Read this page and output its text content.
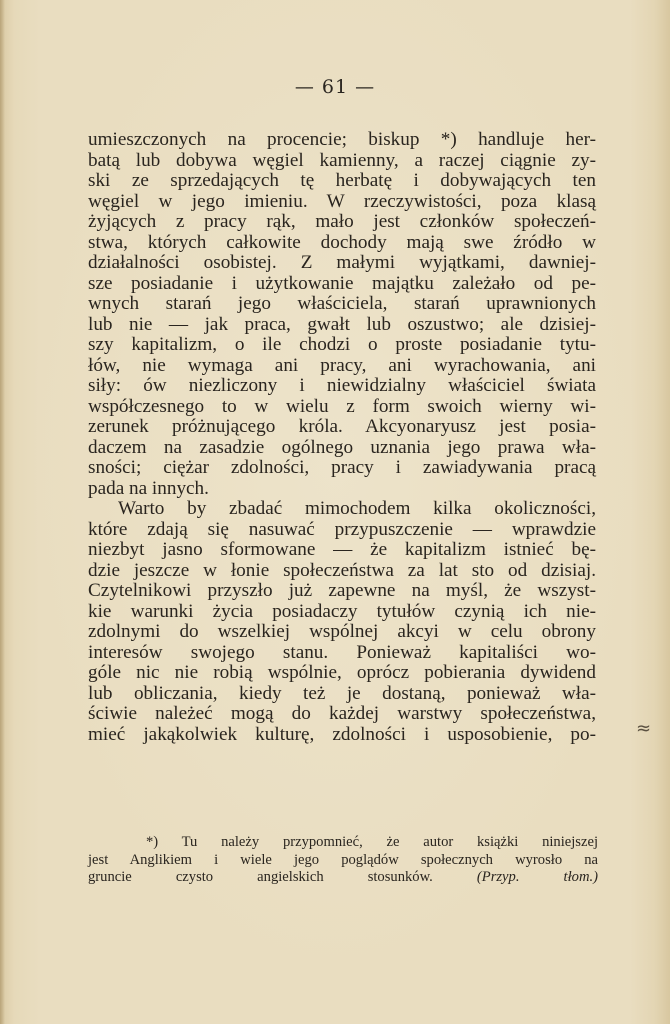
— 61 —
umieszczonych na procencie; biskup *) handluje her-
batą lub dobywa węgiel kamienny, a raczej ciągnie zy-
ski ze sprzedających tę herbatę i dobywających ten
węgiel w jego imieniu. W rzeczywistości, poza klasą
żyjących z pracy rąk, mało jest członków społeczeń-
stwa, których całkowite dochody mają swe źródło w
działalności osobistej. Z małymi wyjątkami, dawniej-
sze posiadanie i użytkowanie majątku zależało od pe-
wnych starań jego właściciela, starań uprawnionych
lub nie — jak praca, gwałt lub oszustwo; ale dzisiej-
szy kapitalizm, o ile chodzi o proste posiadanie tytu-
łów, nie wymaga ani pracy, ani wyrachowania, ani
siły: ów niezliczony i niewidzialny właściciel świata
współczesnego to w wielu z form swoich wierny wi-
zerunek próżnującego króla. Akcyonaryusz jest posia-
daczem na zasadzie ogólnego uznania jego prawa wła-
sności; ciężar zdolności, pracy i zawiadywania pracą
pada na innych.
Warto by zbadać mimochodem kilka okoliczności,
które zdają się nasuwać przypuszczenie — wprawdzie
niezbyt jasno sformowane — że kapitalizm istnieć bę-
dzie jeszcze w łonie społeczeństwa za lat sto od dzisiaj.
Czytelnikowi przyszło już zapewne na myśl, że wszyst-
kie warunki życia posiadaczy tytułów czynią ich nie-
zdolnymi do wszelkiej wspólnej akcyi w celu obrony
interesów swojego stanu. Ponieważ kapitaliści wo-
góle nic nie robią wspólnie, oprócz pobierania dywidend
lub obliczania, kiedy też je dostaną, ponieważ wła-
ściwie należeć mogą do każdej warstwy społeczeństwa,
mieć jakąkolwiek kulturę, zdolności i usposobienie, po- ≈
*) Tu należy przypomnieć, że autor książki niniejszej
jest Anglikiem i wiele jego poglądów społecznych wyrosło na
gruncie czysto angielskich stosunków.	(Przyp. tłom.)
